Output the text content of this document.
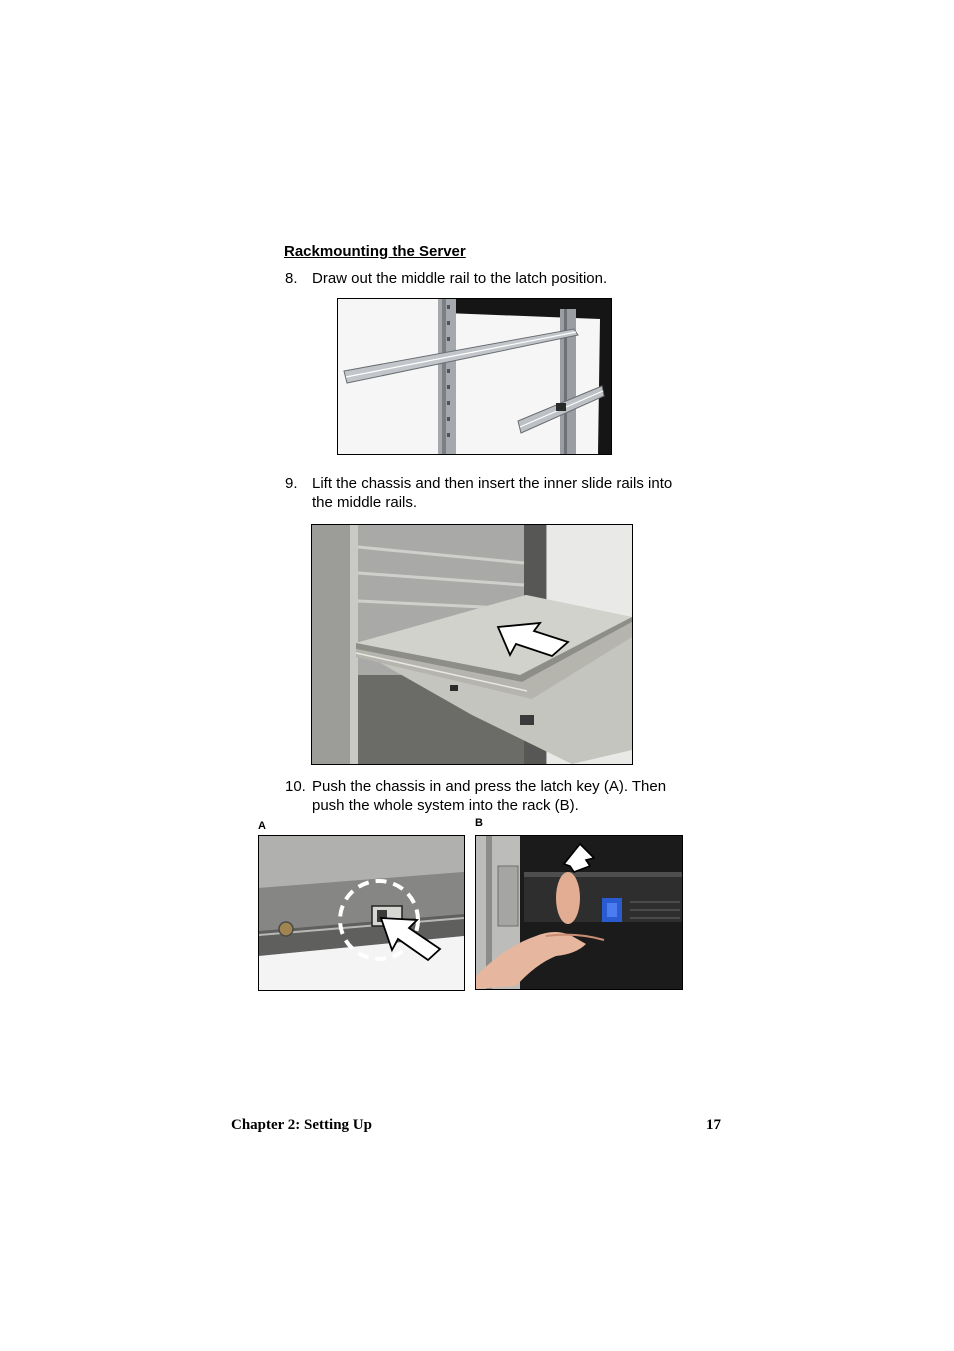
Rackmounting the Server
8. Draw out the middle rail to the latch position.
9. Lift the chassis and then insert the inner slide rails into
the middle rails.
10. Push the chassis in and press the latch key (A). Then
push the whole system into the rack (B).
A	B
Chapter 2: Setting Up	17
